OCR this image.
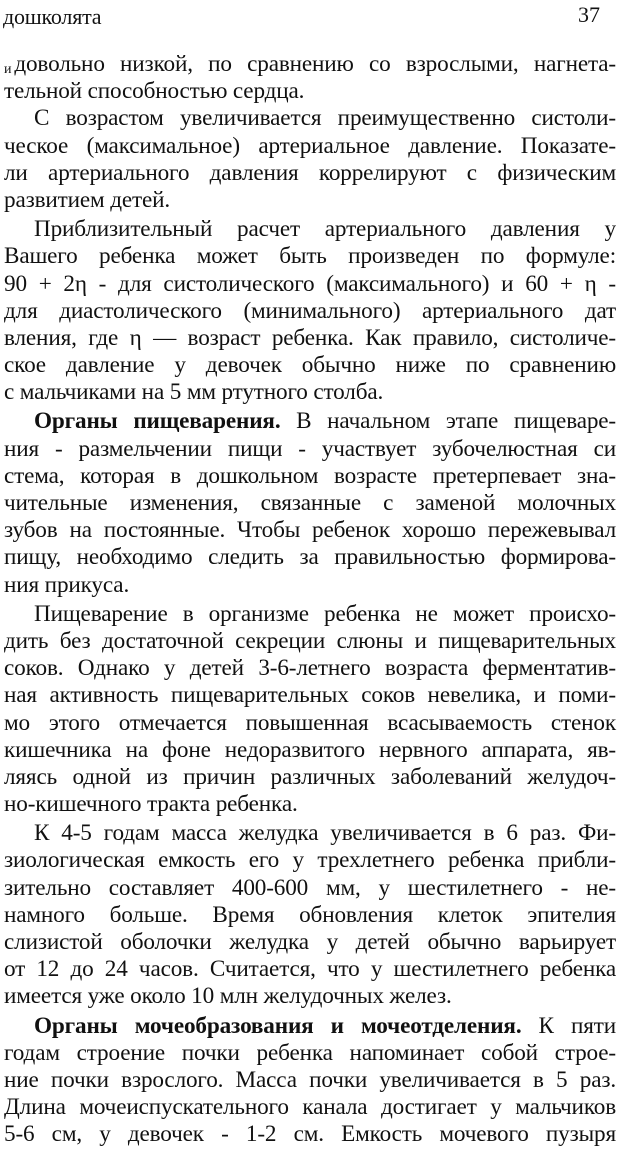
дошколята	37
и довольно низкой, по сравнению со взрослыми, нагнета-
тельной способностью сердца.
С возрастом увеличивается преимущественно систоли-
ческое (максимальное) артериальное давление. Показате-
ли артериального давления коррелируют с физическим
развитием детей.
Приблизительный расчет артериального давления у
Вашего ребенка может быть произведен по формуле:
90 + 2η - для систолического (максимального) и 60 + η -
для диастолического (минимального) артериального дат
вления, где η — возраст ребенка. Как правило, систоличе-
ское давление у девочек обычно ниже по сравнению
с мальчиками на 5 мм ртутного столба.
Органы пищеварения. В начальном этапе пищеваре-
ния - размельчении пищи - участвует зубочелюстная си
стема, которая в дошкольном возрасте претерпевает зна-
чительные изменения, связанные с заменой молочных
зубов на постоянные. Чтобы ребенок хорошо пережевывал
пищу, необходимо следить за правильностью формирова-
ния прикуса.
Пищеварение в организме ребенка не может происхо-
дить без достаточной секреции слюны и пищеварительных
соков. Однако у детей 3-6-летнего возраста ферментатив-
ная активность пищеварительных соков невелика, и поми-
мо этого отмечается повышенная всасываемость стенок
кишечника на фоне недоразвитого нервного аппарата, яв-
ляясь одной из причин различных заболеваний желудоч-
но-кишечного тракта ребенка.
К 4-5 годам масса желудка увеличивается в 6 раз. Фи-
зиологическая емкость его у трехлетнего ребенка прибли-
зительно составляет 400-600 мм, у шестилетнего - не-
намного больше. Время обновления клеток эпителия
слизистой оболочки желудка у детей обычно варьирует
от 12 до 24 часов. Считается, что у шестилетнего ребенка
имеется уже около 10 млн желудочных желез.
Органы мочеобразования и мочеотделения. К пяти
годам строение почки ребенка напоминает собой строе-
ние почки взрослого. Масса почки увеличивается в 5 раз.
Длина мочеиспускательного канала достигает у мальчиков
5-6 см, у девочек - 1-2 см. Емкость мочевого пузыря
